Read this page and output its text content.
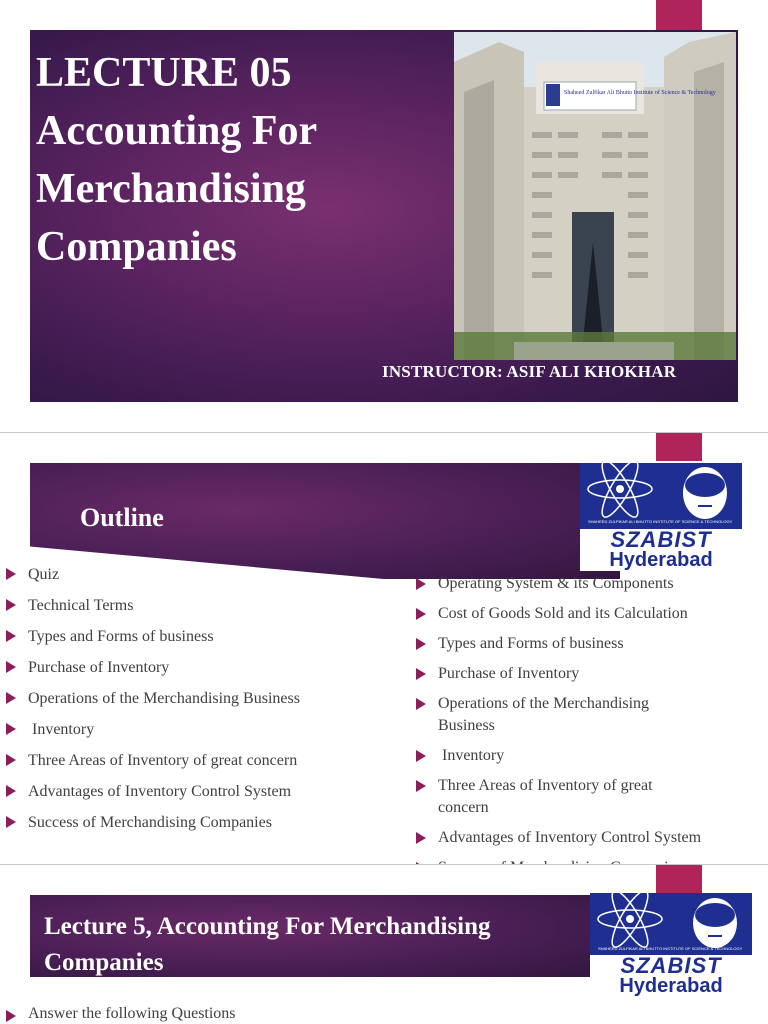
LECTURE 05
Accounting For
Merchandising
Companies
Shaheed Zulfikar Ali Bhutto Institute of Science & Technology
INSTRUCTOR: ASIF ALI KHOKHAR
Outline	SHAHEED ZULFIKAR ALI BHUTTO INSTITUTE OF SCIENCE & TECHNOLOGY
SZABIST
Hyderabad
Quiz
Technical Terms
Types and Forms of business
Purchase of Inventory
Operations of the Merchandising Business
Inventory
Three Areas of Inventory of great concern
Advantages of Inventory Control System
Success of Merchandising Companies
Operating System & its Components
Cost of Goods Sold and its Calculation
Types and Forms of business
Purchase of Inventory
Operations of the Merchandising Business
Inventory
Three Areas of Inventory of great concern
Advantages of Inventory Control System
Lecture 5, Accounting For Merchandising Companies
SHAHEED ZULFIKAR ALI BHUTTO INSTITUTE OF SCIENCE & TECHNOLOGY
SZABIST
Hyderabad
Answer the following Questions
